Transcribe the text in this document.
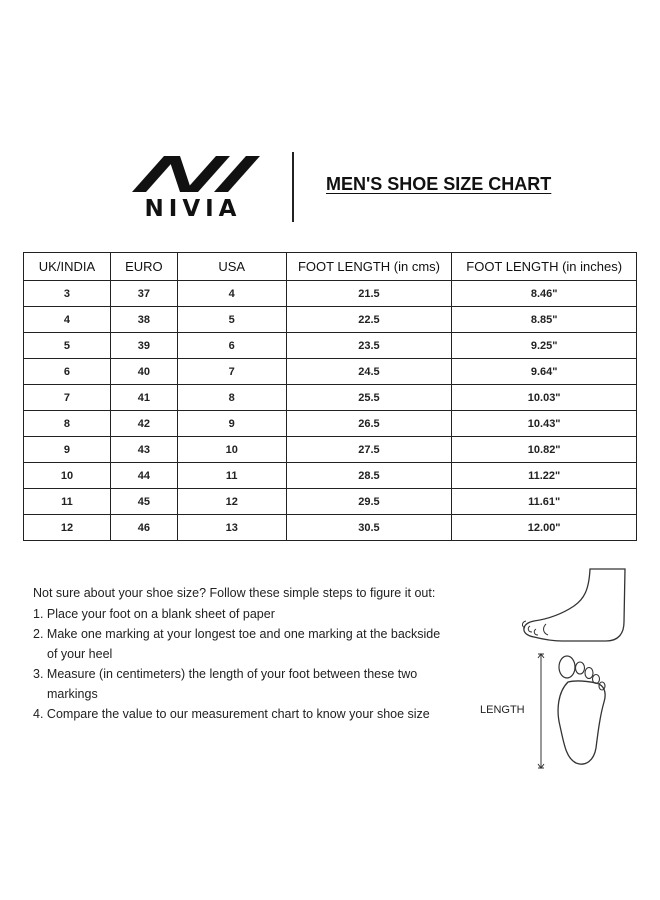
NIVIA
MEN'S SHOE SIZE CHART
UK/INDIA	EURO	USA	FOOT LENGTH (in cms)	FOOT LENGTH (in inches)
3	37	4	21.5	8.46"
4	38	5	22.5	8.85"
5	39	6	23.5	9.25"
6	40	7	24.5	9.64"
7	41	8	25.5	10.03"
8	42	9	26.5	10.43"
9	43	10	27.5	10.82"
10	44	11	28.5	11.22"
11	45	12	29.5	11.61"
12	46	13	30.5	12.00"

Not sure about your shoe size? Follow these simple steps to figure it out:

1. Place your foot on a blank sheet of paper
2. Make one marking at your longest toe and one marking at the backside
of your heel
3. Measure (in centimeters) the length of your foot between these two
markings
4. Compare the value to our measurement chart to know your shoe size	LENGTH
